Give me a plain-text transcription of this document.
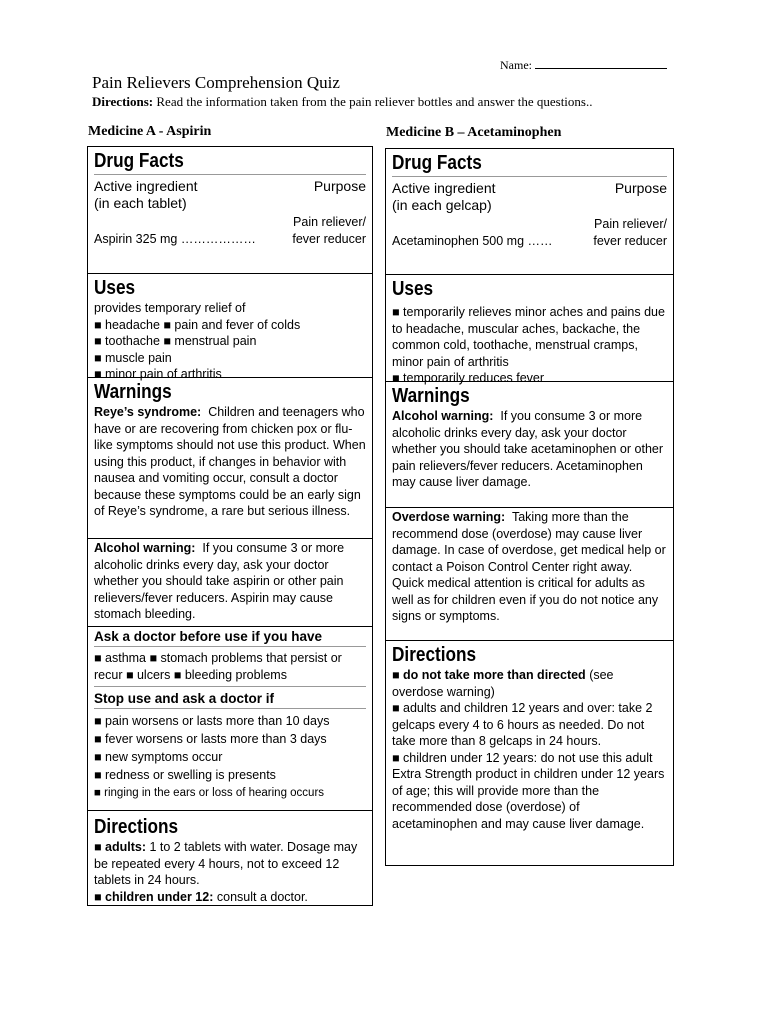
Name:
Pain Relievers Comprehension Quiz
Directions: Read the information taken from the pain reliever bottles and answer the questions..
Medicine A - Aspirin	Medicine B – Acetaminophen
Drug Facts
Active ingredient	Purpose
(in each tablet)
Pain reliever/
Aspirin 325 mg ………………	fever reducer
Uses
provides temporary relief of
■ headache ■ pain and fever of colds
■ toothache ■ menstrual pain
■ muscle pain
■ minor pain of arthritis
Warnings

Reye’s syndrome: Children and teenagers who have or are recovering from chicken pox or flu-like symptoms should not use this product. When using this product, if changes in behavior with nausea and vomiting occur, consult a doctor because these symptoms could be an early sign of Reye’s syndrome, a rare but serious illness.

Alcohol warning: If you consume 3 or more alcoholic drinks every day, ask your doctor whether you should take aspirin or other pain relievers/fever reducers. Aspirin may cause stomach bleeding.

Ask a doctor before use if you have
■ asthma ■ stomach problems that persist or recur ■ ulcers ■ bleeding problems
Stop use and ask a doctor if
■ pain worsens or lasts more than 10 days
■ fever worsens or lasts more than 3 days
■ new symptoms occur
■ redness or swelling is presents
■ ringing in the ears or loss of hearing occurs
Directions

■ adults: 1 to 2 tablets with water. Dosage may be repeated every 4 hours, not to exceed 12 tablets in 24 hours.

■ children under 12: consult a doctor.

Drug Facts
Active ingredient	Purpose
(in each gelcap)
Pain reliever/
Acetaminophen 500 mg ……	fever reducer
Uses

■ temporarily relieves minor aches and pains due to headache, muscular aches, backache, the common cold, toothache, menstrual cramps, minor pain of arthritis

■ temporarily reduces fever
Warnings

Alcohol warning: If you consume 3 or more alcoholic drinks every day, ask your doctor whether you should take acetaminophen or other pain relievers/fever reducers. Acetaminophen may cause liver damage.

Overdose warning: Taking more than the recommend dose (overdose) may cause liver damage. In case of overdose, get medical help or contact a Poison Control Center right away. Quick medical attention is critical for adults as well as for children even if you do not notice any signs or symptoms.

Directions

■ do not take more than directed (see overdose warning)

■ adults and children 12 years and over: take 2 gelcaps every 4 to 6 hours as needed. Do not take more than 8 gelcaps in 24 hours.

■ children under 12 years: do not use this adult Extra Strength product in children under 12 years of age; this will provide more than the recommended dose (overdose) of acetaminophen and may cause liver damage.
